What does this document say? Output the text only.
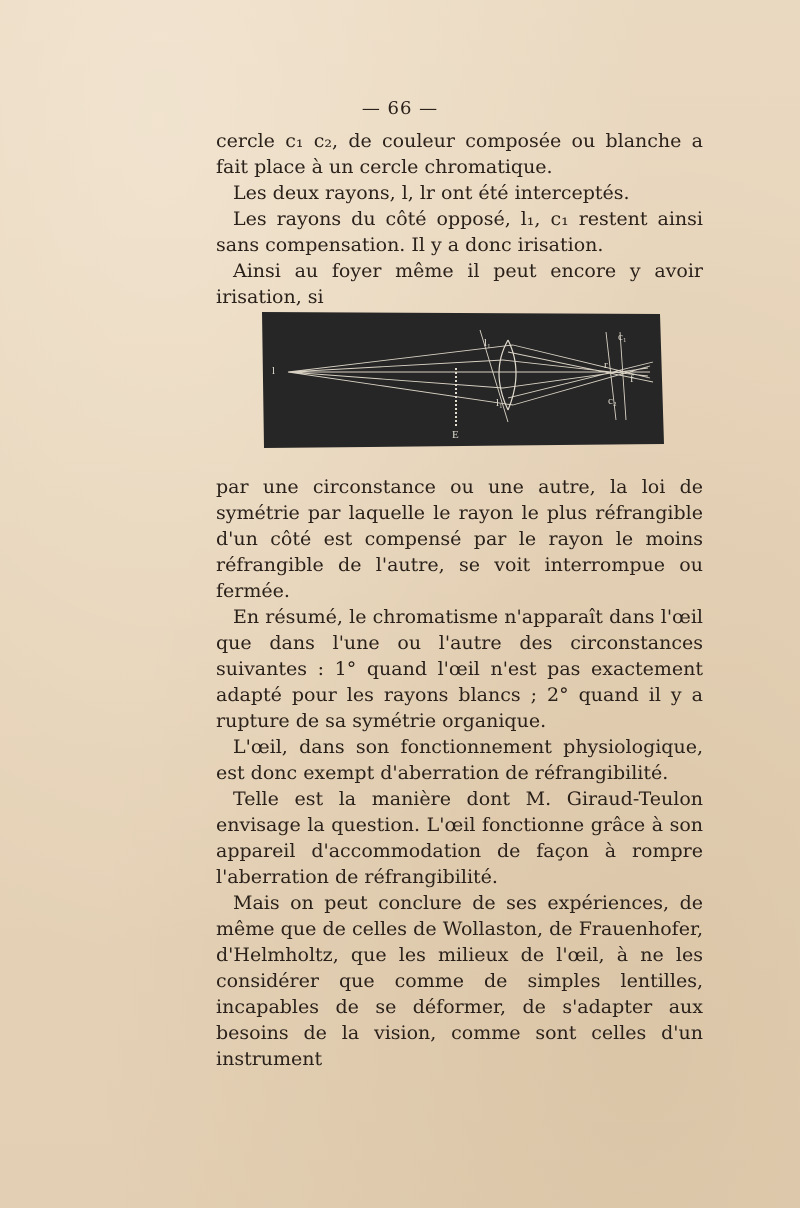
— 66 —

cercle c₁ c₂, de couleur composée ou blanche a fait place à un cercle chromatique.

Les deux rayons, l, lr ont été interceptés.

Les rayons du côté opposé, l₁, c₁ restent ainsi sans compensation. Il y a donc irisation.

Ainsi au foyer même il peut encore y avoir irisation, si

l
E
l₁
l₁
c₁
c₂
r
f

par une circonstance ou une autre, la loi de symétrie par laquelle le rayon le plus réfrangible d'un côté est compensé par le rayon le moins réfrangible de l'autre, se voit interrompue ou fermée.

En résumé, le chromatisme n'apparaît dans l'œil que dans l'une ou l'autre des circonstances suivantes : 1° quand l'œil n'est pas exactement adapté pour les rayons blancs ; 2° quand il y a rupture de sa symétrie organique.

L'œil, dans son fonctionnement physiologique, est donc exempt d'aberration de réfrangibilité.

Telle est la manière dont M. Giraud-Teulon envisage la question. L'œil fonctionne grâce à son appareil d'accommodation de façon à rompre l'aberration de réfrangibilité.

Mais on peut conclure de ses expériences, de même que de celles de Wollaston, de Frauenhofer, d'Helmholtz, que les milieux de l'œil, à ne les considérer que comme de simples lentilles, incapables de se déformer, de s'adapter aux besoins de la vision, comme sont celles d'un instrument
